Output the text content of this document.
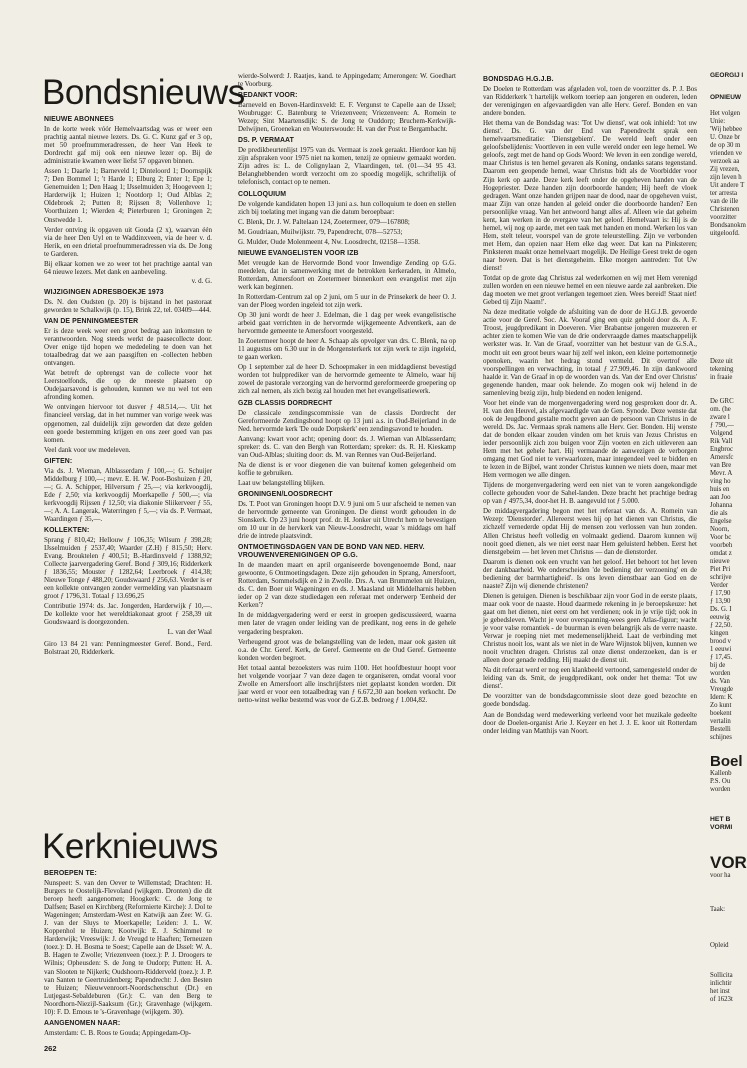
Bondsnieuws
NIEUWE ABONNEES

In de korte week vóór Hemelvaartsdag was er weer een prachtig aantal nieuwe lezers. Ds. G. C. Kunz gaf er 3 op, met 50 proefnummeradressen, de heer Van Heek te Dordrecht gaf mij ook een nieuwe lezer op. Bij de administratie kwamen weer liefst 57 opgaven binnen.

Assen 1; Daarle 1; Barneveld 1; Dinteloord 1; Doornspijk 7; Den Bommel 1; 't Harde 1; Elburg 2; Enter 1; Epe 1; Genemuiden 1; Den Haag 1; IJsselmuiden 3; Hoogeveen 1; Harderwijk 1; Huizen 1; Nootdorp 1; Oud Alblas 2; Oldebroek 2; Putten 8; Rijssen 8; Vollenhove 1; Voorthuizen 1; Wierden 4; Pieterburen 1; Groningen 2; Onstwedde 1.

Verder ontving ik opgaven uit Gouda (2 x), waarvan één via de heer Den Uyl en te Waddinxveen, via de heer v. d. Herik, en een drietal proefnummeradressen via ds. De Jong te Garderen.

Bij elkaar komen we zo weer tot het prachtige aantal van 64 nieuwe lezers. Met dank en aanbeveling.

v. d. G.

WIJZIGINGEN ADRESBOEKJE 1973

Ds. N. den Oudsten (p. 20) is bijstand in het pastoraat geworden te Schalkwijk (p. 15), Brink 22, tel. 03409—444.

VAN DE PENNINGMEESTER

Er is deze week weer een groot bedrag aan inkomsten te verantwoorden. Nog steeds werkt de paasecollecte door. Over enige tijd hopen we mededeling te doen van het totaalbedrag dat we aan paasgiften en -collecten hebben ontvangen.

Wat betreft de opbrengst van de collecte voor het Leerstoelfonds, die op de meeste plaatsen op Oudejaarsavond is gehouden, kunnen we nu wel tot een afronding komen.

We ontvingen hiervoor tot dusver ƒ 48.514,—. Uit het financieel verslag, dat in het nummer van vorige week was opgenomen, zal duidelijk zijn geworden dat deze gelden een goede bestemming krijgen en ons zeer goed van pas komen.

Veel dank voor uw medeleven.

GIFTEN:

Via ds. J. Wieman, Alblasserdam ƒ 100,—; G. Schuijer Middelburg ƒ 100,—; mevr. E. H. W. Poot-Boshuizen ƒ 20,—; G. A. Schipper, Hilversum ƒ 25,—; via kerkvoogdij, Ede ƒ 2,50; via kerkvoogdij Moerkapelle ƒ 500,—; via kerkvoogdij Rijssen ƒ 12,50; via diakonie Sliikerveer ƒ 55,—; A. A. Langerak, Waterringen ƒ 5,—; via ds. P. Vermaat, Waardingen ƒ 35,—.

KOLLEKTEN:

Sprang ƒ 810,42; Hellouw ƒ 106,35; Wilsum ƒ 398,28; IJsselmuiden ƒ 2537,40; Waarder (Z.H) ƒ 815,50; Herv. Evang. Brouktelen ƒ 400,51; B.-Hardinxveld ƒ 1388,92; Collecte jaarvergadering Geref. Bond ƒ 309,16; Ridderkerk ƒ 1836,55; Mouster ƒ 1282,64; Leerbroek ƒ 414,38; Nieuwe Tonge ƒ 488,20; Goudswaard ƒ 256,63. Verder is er een kollekte ontvangen zonder vermelding van plaatsnaam groot ƒ 1796,31. Totaal ƒ 13.696,25

Contributie 1974: ds. Jac. Jongerden, Harderwijk ƒ 10,—. De kollekte voor het wereldtiakonaat groot ƒ 258,39 uit Goudswaard is doorgezonden.

L. van der Waal

Giro 13 84 21 van: Penningmeester Geref. Bond., Ferd. Bolstraat 20, Ridderkerk.

Kerknieuws
BEROEPEN TE:

Nunspeet: S. van den Oever te Willemstad; Drachten: H. Burgers te Oostelijk-Flevoland (wijkgem. Dronten) die dit beroep heeft aangenomen; Hoogkerk: C. de Jong te Dalfsen; Basel en Kirchberg (Reformierte Kirche): J. Dol te Wageningen; Amsterdam-West en Katwijk aan Zee: W. G. J. van der Sluys te Moerkapelle; Leiden: J. L. W. Koppenhol te Huizen; Kootwijk: E. J. Schimmel te Harderwijk; Vreeswijk: J. de Vreugd te Haaften; Terneuzen (toez.): D. H. Bosma te Soest; Capelle aan de IJssel: W. A. B. Hagen te Zwolle; Vriezenveen (toez.): P. J. Droogers te Wilnis; Opheusden: S. de Jong te Oudorp; Putten: H. A. van Slooten te Nijkerk; Oudshoorn-Ridderveld (toez.): J. P. van Santen te Geertruidenberg; Papendrecht: J. den Besten te Huizen; Nieuwvenroort-Noordschenschut (Dr.) en Lutjegast-Sebaldeburen (Gr.): C. van den Berg te Noordhorn-Niezijl-Saaksum (Gr.); Gravenhage (wijkgem. 10): F. D. Emous te 's-Gravenhage (wijkgem. 30).

AANGENOMEN NAAR:

Amsterdam: C. B. Roos te Gouda; Appingedam-Op-

wierde-Solwerd: J. Raatjes, kand. te Appingedam; Amerongen: W. Goedhart te Voorburg.

BEDANKT VOOR:

Barneveld en Boven-Hardinxveld: E. F. Vergunst te Capelle aan de IJssel; Woubrugge: C. Batenburg te Vriezenveen; Vriezenveen: A. Romein te Wezep; Sint Maartensdijk: S. de Jong te Ouddorp; Bruchem-Kerkwijk-Delwijnen, Groenekan en Wouterswoude: H. van der Post te Bergambacht.

DS. P. VERMAAT

De predikbeurtenlijst 1975 van ds. Vermaat is zoek geraakt. Hierdoor kan hij zijn afspraken voor 1975 niet na komen, tenzij ze opnieuw gemaakt worden. Zijn adres is: L. de Colignylaan 2, Vlaardingen, tel. (01—34 95 43. Belanghebbenden wordt verzocht om zo spoedig mogelijk, schriftelijk of telefonisch, contact op te nemen.

COLLOQUIUM

De volgende kandidaten hopen 13 juni a.s. hun colloquium te doen en stellen zich bij toelating met ingang van die datum beroepbaar:

C. Blenk, Dr. J. W. Paltelaan 124, Zoetermeer, 079—167808;

M. Goudriaan, Muilwijkstr. 79, Papendrecht, 078—52753;

G. Mulder, Oude Molenmeent 4, Nw. Loosdrecht, 02158—1358.

NIEUWE EVANGELISTEN VOOR IZB

Met vreugde kan de Hervormde Bond voor Inwendige Zending op G.G. meedelen, dat in samenwerking met de betrokken kerkeraden, in Almelo, Rotterdam, Amersfoort en Zoetermeer binnenkort een evangelist met zijn werk kan beginnen.

In Rotterdam-Centrum zal op 2 juni, om 5 uur in de Prinsekerk de heer O. J. van der Ploeg worden ingeleid tot zijn werk.

Op 30 juni wordt de heer J. Edelman, die 1 dag per week evangelistische arbeid gaat verrichten in de hervormde wijkgemeente Adventkerk, aan de hervormde gemeente te Amersfoort voorgesteld.

In Zoetermeer hoopt de heer A. Schaap als opvolger van drs. C. Blenk, na op 11 augustus om 6.30 uur in de Morgensterkerk tot zijn werk te zijn ingeleid, te gaan werken.

Op 1 september zal de heer D. Schoepmaker in een middagdienst bevestigd worden tot hulpprediker van de hervormde gemeente te Almelo, waar hij zowel de pastorale verzorging van de hervormd gereformeerde groepering op zich zal nemen, als zich bezig zal houden met het evangelisatiewerk.

GZB CLASSIS DORDRECHT

De classicale zendingscommissie van de classis Dordrecht der Gereformeerde Zendingsbond hoopt op 13 juni a.s. in Oud-Beijerland in de Ned. hervormde kerk 'De oude Dorpskerk' een zendingsavond te houden.

Aanvang: kwart voor acht; opening door: ds. J. Wieman van Alblasserdam; spreker: ds. C. van den Bergh van Rotterdam; spreker: ds. R. H. Kieskamp van Oud-Alblas; sluiting door: ds. M. van Rennes van Oud-Beijerland.

Na de dienst is er voor diegenen die van buitenaf komen gelegenheid om koffie te gebruiken.

Laat uw belangstelling blijken.

GRONINGEN/LOOSDRECHT

Ds. T. Poot van Groningen hoopt D.V. 9 juni om 5 uur afscheid te nemen van de hervormde gemeente van Groningen. De dienst wordt gehouden in de Sionskerk. Op 23 juni hoopt prof. dr. H. Jonker uit Utrecht hem te bevestigen om 10 uur in de hervkerk van Nieuw-Loosdrecht, waar 's middags om half drie de intrede plaatsvindt.

ONTMOETINGSDAGEN VAN DE BOND VAN NED. HERV. VROUWENVERENIGINGEN OP G.G.

In de maanden maart en april organiseerde bovengenoemde Bond, naar gewoonte, 6 Ontmoetingsdagen. Deze zijn gehouden in Sprang, Amersfoort, Rotterdam, Sommelsdijk en 2 in Zwolle. Drs. A. van Brummelen uit Huizen, ds. C. den Boer uit Wageningen en ds. J. Maasland uit Middelharnis hebben ieder op 2 van deze studiedagen een referaat met onderwerp 'Eenheid der Kerken'?

In de middagvergadering werd er eerst in groepen gediscussieerd, waarna men later de vragen onder leiding van de predikant, nog eens in de gehele vergadering bespraken.

Verheugend groot was de belangstelling van de leden, maar ook gasten uit o.a. de Chr. Geref. Kerk, de Geref. Gemeente en de Oud Geref. Gemeente konden worden begroet.

Het totaal aantal bezoeksters was ruim 1100. Het hoofdbestuur hoopt voor het volgende voorjaar 7 van deze dagen te organiseren, omdat vooral voor Zwolle en Amersfoort alle inschrijfsters niet geplaatst konden worden. Dit jaar werd er voor een totaalbedrag van ƒ 6.672,30 aan boeken verkocht. De netto-winst welke bestemd was voor de G.Z.B. bedroeg ƒ 1.004,82.

BONDSDAG H.G.J.B.

De Doelen te Rotterdam was afgeladen vol, toen de voorzitter ds. P. J. Bos van Ridderkerk 't hartelijk welkom toeriep aan jongeren en ouderen, leden der verenigingen en afgevaardigden van alle Herv. Geref. Bonden en van andere bonden.

Het thema van de Bondsdag was: 'Tot Uw dienst', wat ook inhield: 'tot uw dienst'. Ds. G. van der End van Papendrecht sprak een hemelvaartsmeditatie: 'Dienstgebiem'. De wereld leeft onder een geloofsbelijdenis: Voortleven in een vulle wereld onder een lege hemel. We geloofs, zegt met de hand op Gods Woord: We leven in een zondige wereld, maar Christus is ten hemel gevaren als Koning, ondanks satans tegenstand. Daarom een geopende hemel, waar Christus bidt als de Voorbidder voor Zijn kerk op aarde. Deze kerk leeft onder de opgeheven handen van de Hogepriester. Deze handen zijn doorboorde handen; Hij heeft de vloek gedragen. Want onze handen grijpen naar de dood, naar de opgeheven vuist, maar Zijn van onze handen al geleid onder die doorboorde handen? Een persoonlijke vraag. Van het antwoord hangt alles af. Alleen wie dat geheim kent, kan werken in de overgave van het geloof. Hemelvaart is: Hij is de hemel, wij nog op aarde, met een taak met handen en mond. Werken los van Hem, stelt teleur, voorspel van de grote teleurstelling. Zijn ve verbonden met Hem, dan opzien naar Hem elke dag weer. Dat kan na Pinksteren; Pinksteren maakt onze hemelvaart mogelijk. De Heilige Geest trekt de ogen naar boven. Dat is het dienstgeheim. Elke morgen aantreden: Tot Uw dienst!

Totdat op de grote dag Christus zal wederkomen en wij met Hem verenigd zullen worden en een nieuwe hemel en een nieuwe aarde zal aanbreken. Die dag moeten we met groot verlangen tegemoet zien. Wees bereid! Staat niet! Gebed tij Zijn Naam!'.

Na deze meditatie volgde de afsluiting van de door de H.G.J.B. gevoerde actie voor de Geref. Soc. Ak. Vooraf ging een quiz gehold door ds. A. F. Troost, jeugdpredikant in Doeveren. Vier Brabantse jongeren muzeeren er achter zien te komen Wie van de drie ondervraagde dames maatschappelijk werkster was. Ir. Van de Graaf, voorzitter van het bestuur van de G.S.A., mocht uit een groot beurs waar hij zelf wel inkon, een kleine portemonnetje openoken, waarin het hedrag stond vermeld. Dit overtrof alle voorspellingen en verwachting, in totaal ƒ 27.909,46. In zijn dankwoord haalde ir. Van de Graaf in op de woorden van ds. Van der End over Christus' gegenende handen, maar ook helende. Zo mogen ook wij helend in de samenleving bezig zijn, hulp biedend en noden lenigend.

Voor het einde van de morgenvergadering werd nog gesproken door dr. A. H. van den Heuvel, als afgevaardigde van de Gen. Synode. Deze wenste dat ook de Jeugdbond gestalte mocht geven aan de persoon van Christus in de wereld. Ds. Jac. Vermaas sprak namens alle Herv. Ger. Bonden. Hij wenste dat de bonden elkaar zouden vinden om het kruis van Jezus Christus en ieder persoonlijk zich zou buigen voor Zijn voeten en zich uitleveren aan Hem met het gehele hart. Hij vermaande de aanwezigen de verborgen omgang met God niet te verwaarlozen, maar integendeel veel te bidden en te lezen in de Bijbel, want zonder Christus kunnen we niets doen, maar met Hem vermogen we alle dingen.

Tijdens de morgenvergadering werd een niet van te voren aangekondigde collecte gehouden voor de Sahel-landen. Deze bracht het prachtige bedrag op van ƒ 4975,34, door-het H. B. aangevuld tot ƒ 5.000.

De middagvergadering begon met het referaat van ds. A. Romein van Wezep: 'Dienstorder'. Allereerst wees hij op het dienen van Christus, die zichzelf vernederde opdat Hij de mensen zou verlossen van hun zonden. Allen Christus heeft volledig en volmaakt gediend. Daarom kunnen wij nooit goed dienen, als we niet eerst naar Hem geluisterd hebben. Eerst het dienstgebeim — het leven met Christus — dan de dienstorder.

Daarom is dienen ook een vrucht van het geloof. Het behoort tot het leven der dankbaarheid. We onderscheiden 'de bediening der verzoening' en de bediening der barmhartigheid'. Is ons leven dienstbaar aan God en de naaste? Zijn wij dienende christenen?

Dienen is getuigen. Dienen is beschikbaar zijn voor God in de eerste plaats, maar ook voor de naaste. Houd daarmede rekening in je beroepskeuze: het gaat om het dienen, niet eerst om het verdienen; ook in je vrije tijd; ook in je gebedsleven. Wacht je voor overspanning-wees geen Atlas-figuur; wacht je voor valse romantiek - de buurman is even belangrijk als de verre naaste. Verwar je roeping niet met medemenselijkheid. Laat de verbinding met Christus nooit los, want als we niet in de Ware Wijnstok blijven, kunnen we nooit vruchten dragen. Christus zal onze dienst onderzoeken, dan is er alleen door genade redding. Hij maakt de dienst uit.

Na dit referaat werd er nog een klankbeeld vertoond, samengesteld onder de leiding van ds. Smit, de jeugdpredikant, ook onder het thema: 'Tot uw dienst'.

De voorzitter van de bondsdagcommissie sloot deze goed bezochte en goede bondsdag.

Aan de Bondsdag werd medewerking verleend voor het muzikale gedeelte door de Doelen-organist Arie J. Keyzer en het J. J. E. koor uit Rotterdam onder leiding van Matthijs van Noort.

GEORGIJ I

OPNIEUW

Het volgen

Unie:

'Wij hebbee

U. Onze br

de op 30 m

vrienden ve

verzoek aa

Zij vrezen,

zijn leven h

Uit andere T

ter arresta

van de ille

Christenen

voorzitter

Bondsanokm

uitgeloofd.

Deze uit

tekening

in fraaie

De GRC

om. (he

zware l

ƒ 790,—

Volgend

Rik Vall

Engbroc

Amersfc

van Bre

Mevr. A

ving ho

huis en

aan Joo

Johanna

die als

Engelse

Noorn,

Voor bc

voorbeh

omdat z

nieuwe

Piet Pri

schrijve

Verder

ƒ 17,90

ƒ 13,90

Ds. G. I

eeuwig

ƒ 22,50.

kingen

brood v

1 eeuwi

ƒ 17,45.

bij de

worden

ds. Van

Vreugde

Idem: K

Zo kunt

boekent

vertalin

Bestelli

schijnes

Boel

Kallenb

P.S. Ou

worden

HET B

VORMI

VOR

voor ha

Taak:

Opleid

Sollicita

inlichtir

het inst

of 1623t

262
